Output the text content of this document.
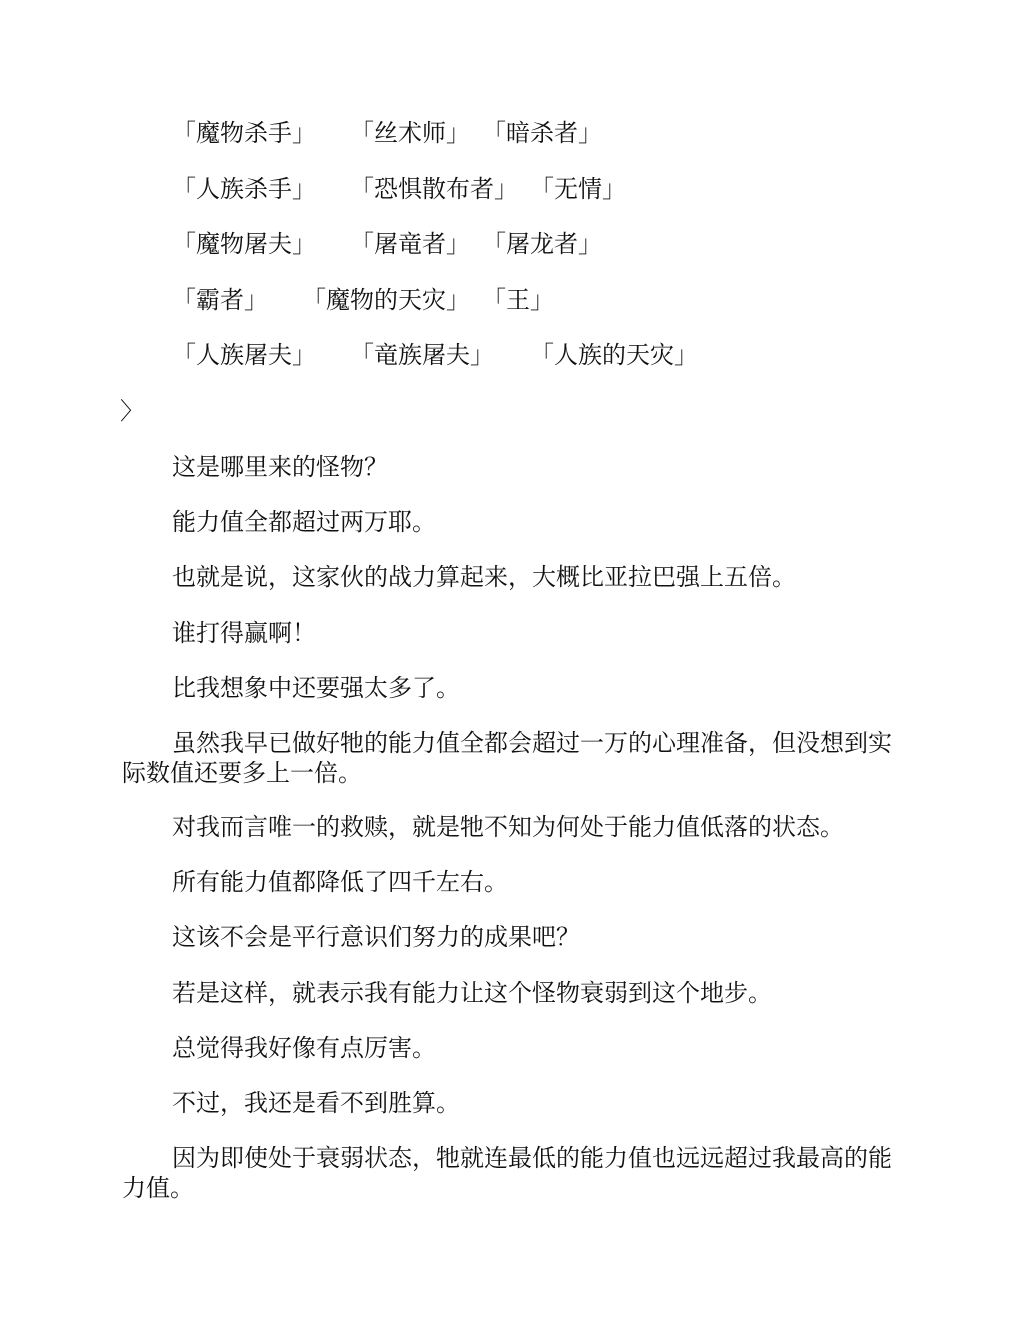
「魔物杀手」 「丝术师」 「暗杀者」
「人族杀手」 「恐惧散布者」 「无情」
「魔物屠夫」 「屠竜者」 「屠龙者」
「霸者」 「魔物的天灾」 「王」
「人族屠夫」 「竜族屠夫」 「人族的天灾」
〉

这是哪里来的怪物？

能力值全都超过两万耶。

也就是说，这家伙的战力算起来，大概比亚拉巴强上五倍。

谁打得赢啊！

比我想象中还要强太多了。

虽然我早已做好牠的能力值全都会超过一万的心理准备，但没想到实际数值还要多上一倍。

对我而言唯一的救赎，就是牠不知为何处于能力值低落的状态。

所有能力值都降低了四千左右。

这该不会是平行意识们努力的成果吧？

若是这样，就表示我有能力让这个怪物衰弱到这个地步。

总觉得我好像有点厉害。

不过，我还是看不到胜算。

因为即使处于衰弱状态，牠就连最低的能力值也远远超过我最高的能力值。
